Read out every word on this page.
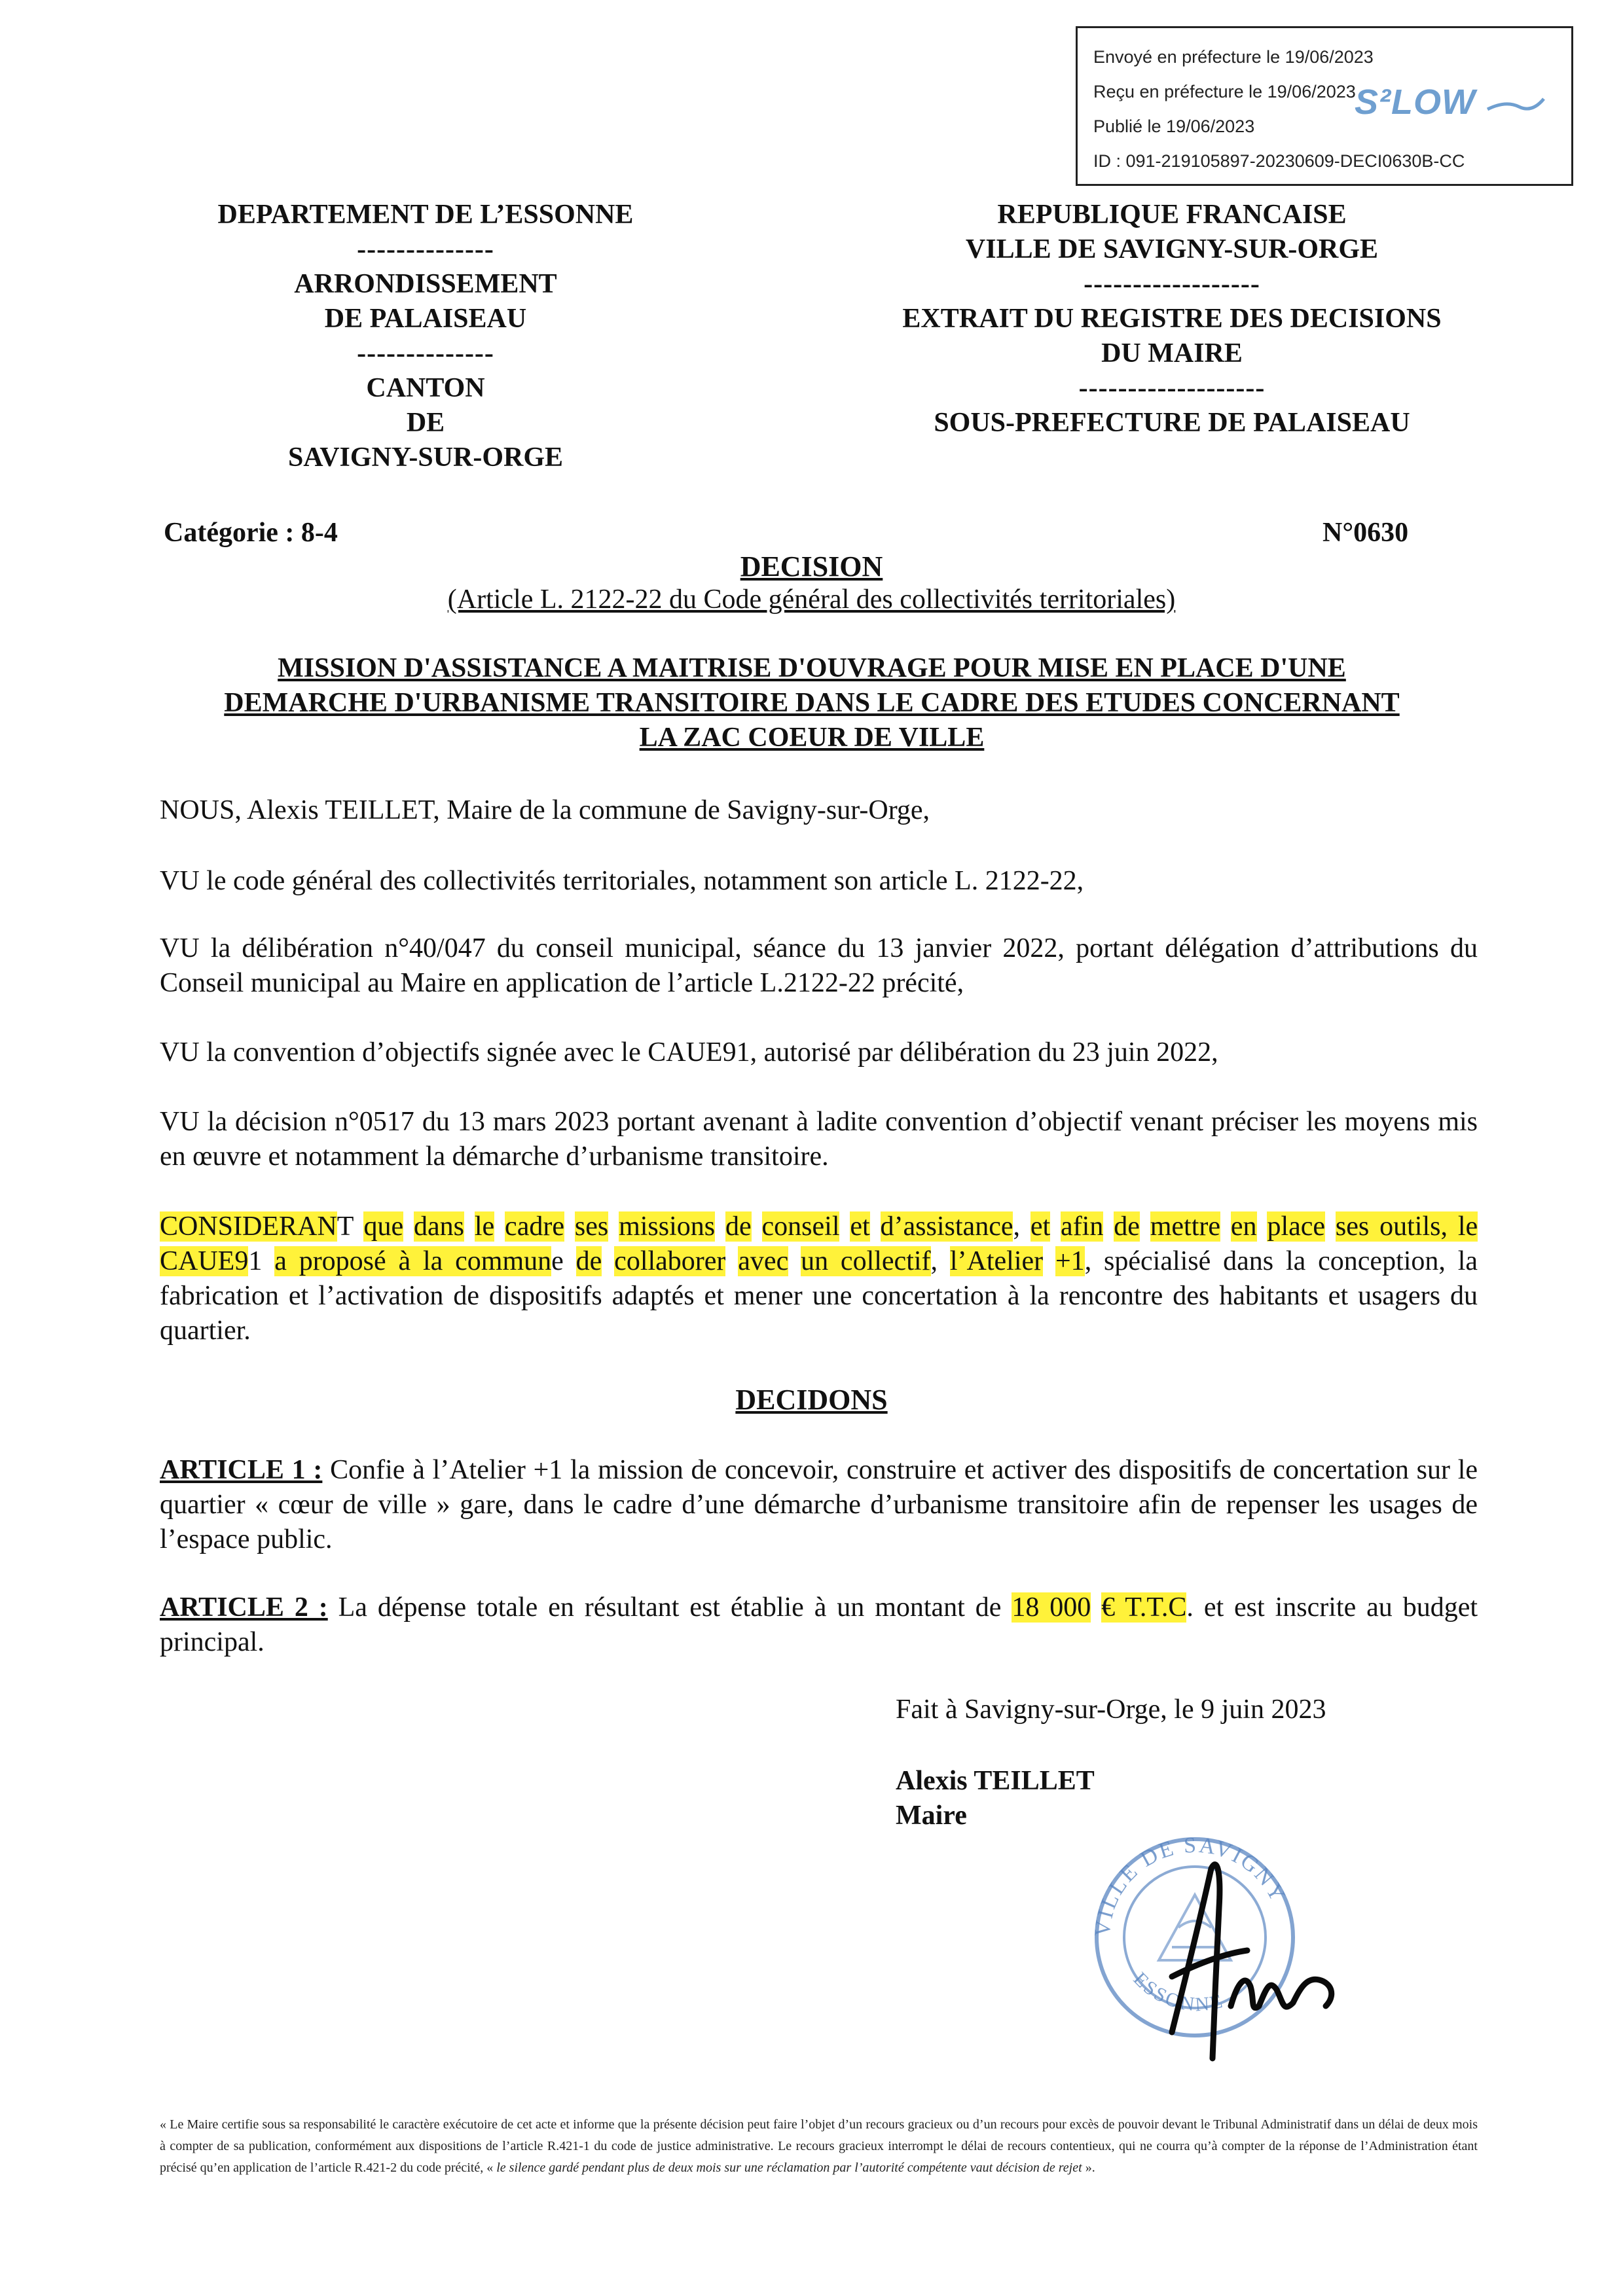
Envoyé en préfecture le 19/06/2023
Reçu en préfecture le 19/06/2023
Publié le 19/06/2023
ID : 091-219105897-20230609-DECI0630B-CC
S²LOW
DEPARTEMENT DE L’ESSONNE
--------------
ARRONDISSEMENT
DE PALAISEAU
--------------
CANTON
DE
SAVIGNY-SUR-ORGE
REPUBLIQUE FRANCAISE
VILLE DE SAVIGNY-SUR-ORGE
------------------
EXTRAIT DU REGISTRE DES DECISIONS
DU MAIRE
-------------------
SOUS-PREFECTURE DE PALAISEAU
Catégorie : 8-4	N°0630
DECISION
(Article L. 2122-22 du Code général des collectivités territoriales)
MISSION D'ASSISTANCE A MAITRISE D'OUVRAGE POUR MISE EN PLACE D'UNE
DEMARCHE D'URBANISME TRANSITOIRE DANS LE CADRE DES ETUDES CONCERNANT
LA ZAC COEUR DE VILLE
NOUS, Alexis TEILLET, Maire de la commune de Savigny-sur-Orge,
VU le code général des collectivités territoriales, notamment son article L. 2122-22,
VU la délibération n°40/047 du conseil municipal, séance du 13 janvier 2022, portant délégation d’attributions du Conseil municipal au Maire en application de l’article L.2122-22 précité,
VU la convention d’objectifs signée avec le CAUE91, autorisé par délibération du 23 juin 2022,
VU la décision n°0517 du 13 mars 2023 portant avenant à ladite convention d’objectif venant préciser les moyens mis en œuvre et notamment la démarche d’urbanisme transitoire.
CONSIDERANT que dans le cadre ses missions de conseil et d’assistance, et afin de mettre en place ses outils, le CAUE91 a proposé à la commune de collaborer avec un collectif, l’Atelier +1, spécialisé dans la conception, la fabrication et l’activation de dispositifs adaptés et mener une concertation à la rencontre des habitants et usagers du quartier.
DECIDONS
ARTICLE 1 : Confie à l’Atelier +1 la mission de concevoir, construire et activer des dispositifs de concertation sur le quartier « cœur de ville » gare, dans le cadre d’une démarche d’urbanisme transitoire afin de repenser les usages de l’espace public.
ARTICLE 2 : La dépense totale en résultant est établie à un montant de 18 000 € T.T.C. et est inscrite au budget principal.
Fait à Savigny-sur-Orge, le 9 juin 2023
Alexis TEILLET
Maire
VILLE DE SAVIGNY
ESSONNE
« Le Maire certifie sous sa responsabilité le caractère exécutoire de cet acte et informe que la présente décision peut faire l’objet d’un recours gracieux ou d’un recours pour excès de pouvoir devant le Tribunal Administratif dans un délai de deux mois à compter de sa publication, conformément aux dispositions de l’article R.421-1 du code de justice administrative. Le recours gracieux interrompt le délai de recours contentieux, qui ne courra qu’à compter de la réponse de l’Administration étant précisé qu’en application de l’article R.421-2 du code précité, « le silence gardé pendant plus de deux mois sur une réclamation par l’autorité compétente vaut décision de rejet ».
